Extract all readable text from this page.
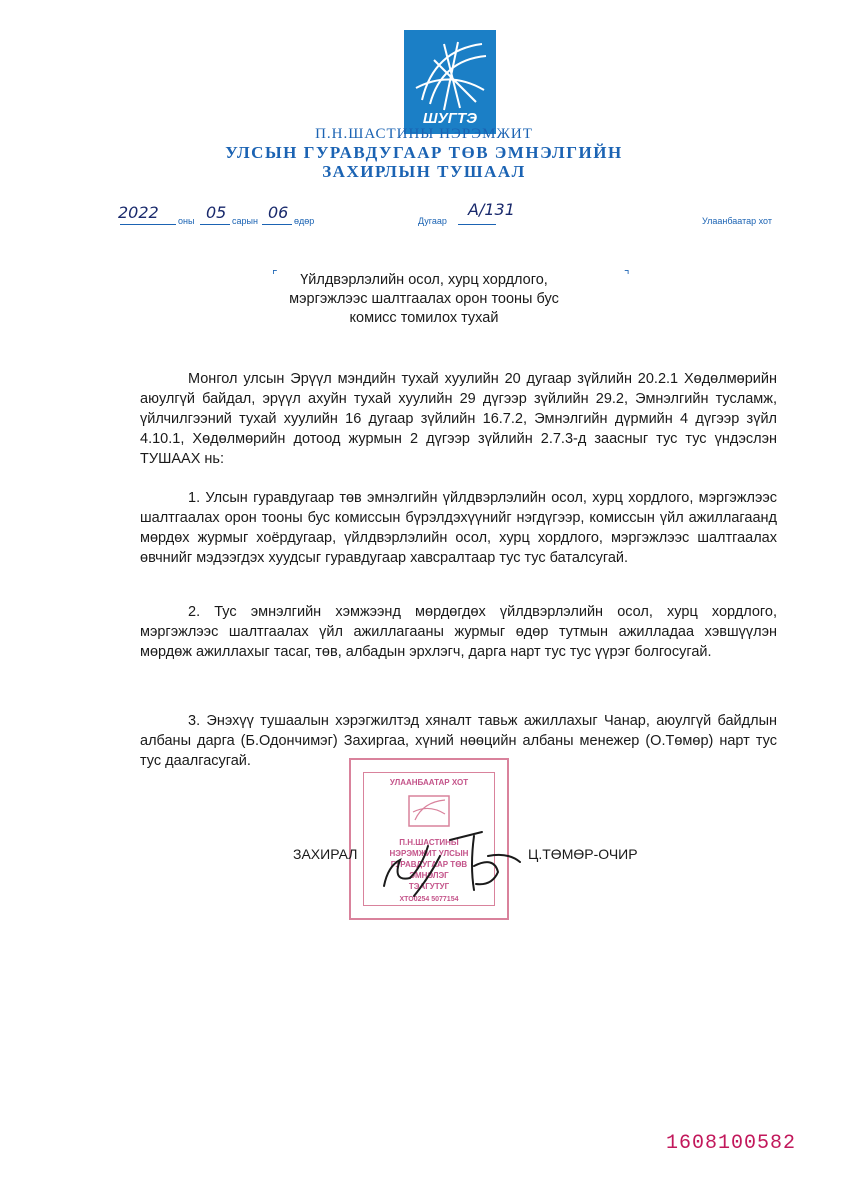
ШУГТЭ
П.Н.ШАСТИНЫ НЭРЭМЖИТ
УЛСЫН ГУРАВДУГААР ТӨВ ЭМНЭЛГИЙН
ЗАХИРЛЫН ТУШААЛ
2022 оны 05 сарын 06 өдөр	Дугаар
А/131
Улаанбаатар хот
⌜	⌝
Үйлдвэрлэлийн осол, хурц хордлого,
мэргэжлээс шалтгаалах орон тооны бус
комисс томилох тухай
Монгол улсын Эрүүл мэндийн тухай хуулийн 20 дугаар зүйлийн 20.2.1 Хөдөлмөрийн аюулгүй байдал, эрүүл ахуйн тухай хуулийн 29 дүгээр зүйлийн 29.2, Эмнэлгийн тусламж, үйлчилгээний тухай хуулийн 16 дугаар зүйлийн 16.7.2, Эмнэлгийн дүрмийн 4 дүгээр зүйл 4.10.1, Хөдөлмөрийн дотоод журмын 2 дүгээр зүйлийн 2.7.3-д заасныг тус тус үндэслэн ТУШААХ нь:
1. Улсын гуравдугаар төв эмнэлгийн үйлдвэрлэлийн осол, хурц хордлого, мэргэжлээс шалтгаалах орон тооны бус комиссын бүрэлдэхүүнийг нэгдүгээр, комиссын үйл ажиллагаанд мөрдөх журмыг хоёрдугаар, үйлдвэрлэлийн осол, хурц хордлого, мэргэжлээс шалтгаалах өвчнийг мэдээгдэх хуудсыг гуравдугаар хавсралтаар тус тус баталсугай.
2. Тус эмнэлгийн хэмжээнд мөрдөгдөх үйлдвэрлэлийн осол, хурц хордлого, мэргэжлээс шалтгаалах үйл ажиллагааны журмыг өдөр тутмын ажилладаа хэвшүүлэн мөрдөж ажиллахыг тасаг, төв, албадын эрхлэгч, дарга нарт тус тус үүрэг болгосугай.
3. Энэхүү тушаалын хэрэгжилтэд хяналт тавьж ажиллахыг Чанар, аюулгүй байдлын албаны дарга (Б.Одончимэг) Захиргаа, хүний нөөцийн албаны менежер (О.Төмөр) нарт тус тус даалгасугай.
УЛААНБААТАР ХОТ
П.Н.ШАСТИНЫ
НЭРЭМЖИТ УЛСЫН
ГУРАВДУГААР ТӨВ
ЭМНЭЛЭГ
ТЭАГУТУГ
ХТО0254 5077154
ЗАХИРАЛ	Ц.ТӨМӨР-ОЧИР
1608100582
